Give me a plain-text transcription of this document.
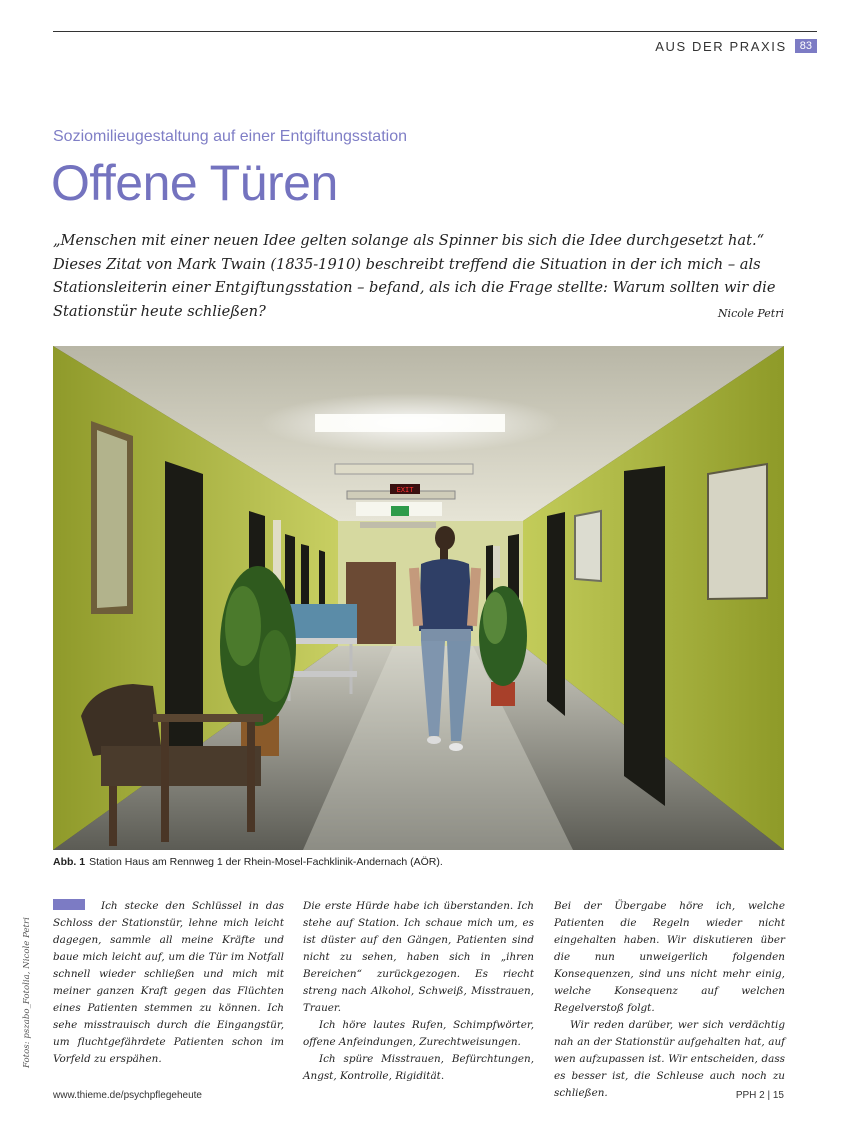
AUS DER PRAXIS	83
Soziomilieugestaltung auf einer Entgiftungsstation
Offene Türen

„Menschen mit einer neuen Idee gelten solange als Spinner bis sich die Idee durchgesetzt hat.“ Dieses Zitat von Mark Twain (1835-1910) beschreibt treffend die Situation in der ich mich – als Stationsleiterin einer Entgiftungsstation – befand, als ich die Frage stellte: Warum sollten wir die Stationstür heute schließen?	Nicole Petri
EXIT
Abb. 1 Station Haus am Rennweg 1 der Rhein-Mosel-Fachklinik-Andernach (AÖR).

Ich stecke den Schlüssel in das Schloss der Stationstür, lehne mich leicht dagegen, sammle all meine Kräfte und baue mich leicht auf, um die Tür im Notfall schnell wieder schließen und mich mit meiner ganzen Kraft gegen das Flüchten eines Patienten stemmen zu können. Ich sehe misstrauisch durch die Eingangstür, um fluchtgefährdete Patienten schon im Vorfeld zu erspähen.

Die erste Hürde habe ich überstanden. Ich stehe auf Station. Ich schaue mich um, es ist düster auf den Gängen, Patienten sind nicht zu sehen, haben sich in „ihren Bereichen“ zurückgezogen. Es riecht streng nach Alkohol, Schweiß, Misstrauen, Trauer.

Ich höre lautes Rufen, Schimpfwörter, offene Anfeindungen, Zurechtweisungen.

Ich spüre Misstrauen, Befürchtungen, Angst, Kontrolle, Rigidität.

Bei der Übergabe höre ich, welche Patienten die Regeln wieder nicht eingehalten haben. Wir diskutieren über die nun unweigerlich folgenden Konsequenzen, sind uns nicht mehr einig, welche Konsequenz auf welchen Regelverstoß folgt.

Wir reden darüber, wer sich verdächtig nah an der Stationstür aufgehalten hat, auf wen aufzupassen ist. Wir entscheiden, dass es besser ist, die Schleuse auch noch zu schließen.

Fotos: pszabo_Fotolia, Nicole Petri
www.thieme.de/psychpflegeheute	PPH 2 | 15
